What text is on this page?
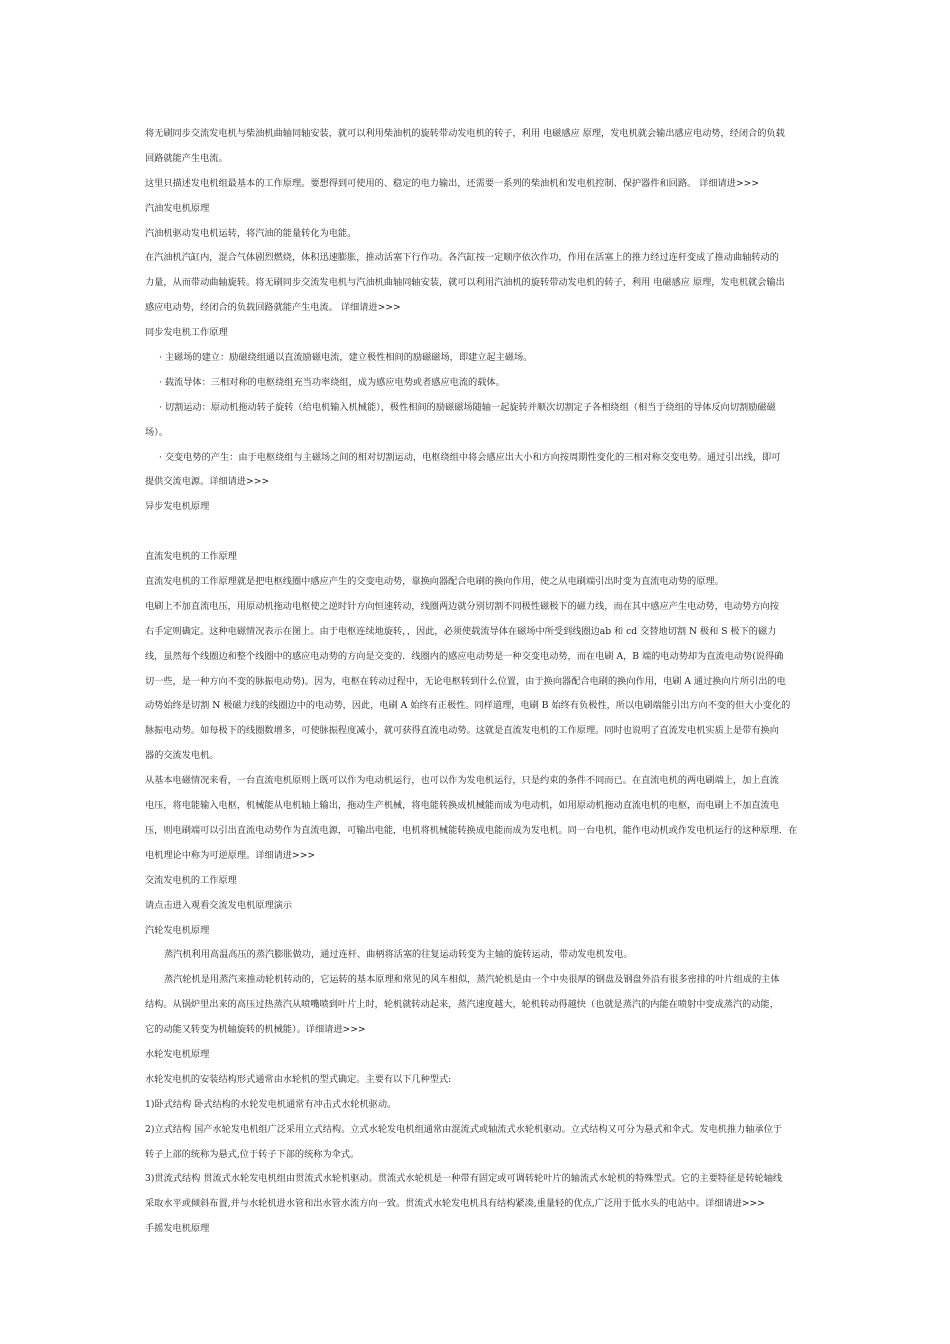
将无刷同步交流发电机与柴油机曲轴同轴安装，就可以利用柴油机的旋转带动发电机的转子，利用 电磁感应 原理，发电机就会输出感应电动势，经闭合的负载
回路就能产生电流。
这里只描述发电机组最基本的工作原理。要想得到可使用的、稳定的电力输出，还需要一系列的柴油机和发电机控制、保护器件和回路。 详细请进>>>
汽油发电机原理
汽油机驱动发电机运转，将汽油的能量转化为电能。
在汽油机汽缸内，混合气体剧烈燃烧，体积迅速膨胀，推动活塞下行作功。各汽缸按一定顺序依次作功，作用在活塞上的推力经过连杆变成了推动曲轴转动的
力量，从而带动曲轴旋转。将无刷同步交流发电机与汽油机曲轴同轴安装，就可以利用汽油机的旋转带动发电机的转子，利用 电磁感应 原理，发电机就会输出
感应电动势，经闭合的负载回路就能产生电流。 详细请进>>>
同步发电机工作原理
· 主磁场的建立：励磁绕组通以直流励磁电流，建立极性相间的励磁磁场，即建立起主磁场。
· 载流导体：三相对称的电枢绕组充当功率绕组，成为感应电势或者感应电流的载体。
· 切割运动：原动机拖动转子旋转（给电机输入机械能），极性相间的励磁磁场随轴一起旋转并顺次切割定子各相绕组（相当于绕组的导体反向切割励磁磁
场）。
· 交变电势的产生：由于电枢绕组与主磁场之间的相对切割运动，电枢绕组中将会感应出大小和方向按周期性变化的三相对称交变电势。通过引出线，即可
提供交流电源。详细请进>>>
异步发电机原理
直流发电机的工作原理
直流发电机的工作原理就是把电枢线圈中感应产生的交变电动势，靠换向器配合电刷的换向作用，使之从电刷端引出时变为直流电动势的原理。
电刷上不加直流电压，用原动机拖动电枢使之逆时针方向恒速转动，线圈两边就分别切割不同极性磁极下的磁力线，而在其中感应产生电动势，电动势方向按
右手定则确定。这种电磁情况表示在图上。由于电枢连续地旋转，，因此，必须使载流导体在磁场中所受到线圈边ab 和 cd 交替地切割 N 极和 S 极下的磁力
线，虽然每个线圈边和整个线圈中的感应电动势的方向是交变的．线圈内的感应电动势是一种交变电动势，而在电刷 A，B 端的电动势却为直流电动势(说得确
切一些，是一种方向不变的脉振电动势)。因为，电枢在转动过程中，无论电枢转到什么位置，由于换向器配合电刷的换向作用，电刷 A 通过换向片所引出的电
动势始终是切割 N 极磁力线的线圈边中的电动势，因此，电刷 A 始终有正极性。同样道理，电刷 B 始终有负极性，所以电刷端能引出方向不变的但大小变化的
脉振电动势。如每极下的线圈数增多，可使脉振程度减小，就可获得直流电动势。这就是直流发电机的工作原理。同时也说明了直流发电机实质上是带有换向
器的交流发电机。
从基本电磁情况来看，一台直流电机原则上既可以作为电动机运行，也可以作为发电机运行，只是约束的条件不同而已。在直流电机的两电刷端上，加上直流
电压，将电能输入电枢，机械能从电机轴上输出，拖动生产机械，将电能转换成机械能而成为电动机，如用原动机拖动直流电机的电枢，而电刷上不加直流电
压，则电刷端可以引出直流电动势作为直流电源，可输出电能，电机将机械能转换成电能而成为发电机。同一台电机，能作电动机或作发电机运行的这种原理．在
电机理论中称为可逆原理。详细请进>>>
交流发电机的工作原理
请点击进入观看交流发电机原理演示
汽轮发电机原理
蒸汽机利用高温高压的蒸汽膨胀做功，通过连杆、曲柄将活塞的往复运动转变为主轴的旋转运动，带动发电机发电。
蒸汽轮机是用蒸汽来推动轮机转动的，它运转的基本原理和常见的风车相似，蒸汽轮机是由一个中央很厚的钢盘及钢盘外沿有很多密排的叶片组成的主体
结构。从锅炉里出来的高压过热蒸汽从喷嘴喷到叶片上时，轮机就转动起来，蒸汽速度越大，轮机转动得越快（也就是蒸汽的内能在喷射中变成蒸汽的动能，
它的动能又转变为机轴旋转的机械能）。详细请进>>>
水轮发电机原理
水轮发电机的安装结构形式通常由水轮机的型式确定。主要有以下几种型式:
1)卧式结构 卧式结构的水轮发电机通常有冲击式水轮机驱动。
2)立式结构 国产水轮发电机组广泛采用立式结构。立式水轮发电机组通常由混流式或轴流式水轮机驱动。立式结构又可分为悬式和伞式。发电机推力轴承位于
转子上部的统称为悬式,位于转子下部的统称为伞式。
3)贯流式结构 贯流式水轮发电机组由贯流式水轮机驱动。贯流式水轮机是一种带有固定或可调转轮叶片的轴流式水轮机的特殊型式。它的主要特征是转轮轴线
采取水平或倾斜布置,并与水轮机进水管和出水管水流方向一致。贯流式水轮发电机具有结构紧凑,重量轻的优点,广泛用于低水头的电站中。详细请进>>>
手摇发电机原理
